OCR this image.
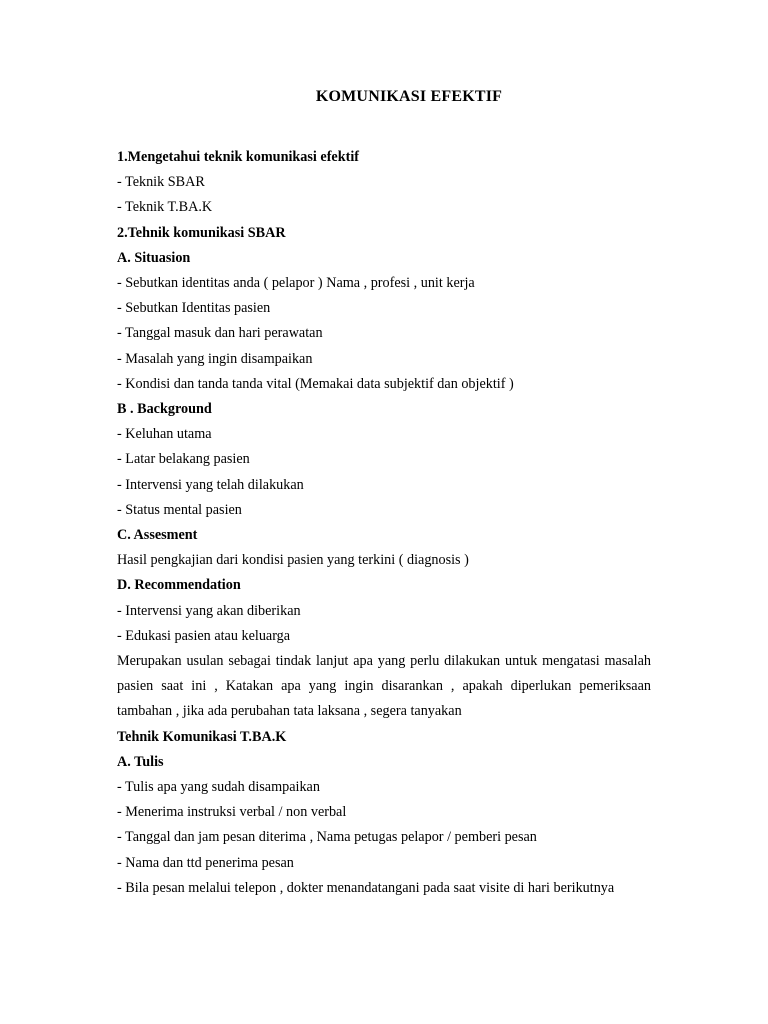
KOMUNIKASI EFEKTIF
1.Mengetahui teknik komunikasi efektif
- Teknik SBAR
- Teknik T.BA.K
2.Tehnik komunikasi SBAR
A. Situasion
- Sebutkan identitas anda ( pelapor ) Nama , profesi , unit kerja
- Sebutkan Identitas pasien
- Tanggal masuk dan hari perawatan
- Masalah yang ingin disampaikan
- Kondisi dan tanda tanda vital (Memakai data subjektif dan objektif )
B . Background
- Keluhan utama
- Latar belakang pasien
- Intervensi yang telah dilakukan
- Status mental pasien
C. Assesment
Hasil pengkajian dari kondisi pasien yang terkini ( diagnosis )
D. Recommendation
- Intervensi yang akan diberikan
- Edukasi pasien atau keluarga
Merupakan usulan sebagai tindak lanjut apa yang perlu dilakukan untuk mengatasi masalah pasien saat ini , Katakan apa yang ingin disarankan , apakah diperlukan pemeriksaan tambahan , jika ada perubahan tata laksana , segera tanyakan
Tehnik Komunikasi T.BA.K
A. Tulis
- Tulis apa yang sudah disampaikan
- Menerima instruksi verbal / non verbal
- Tanggal dan jam pesan diterima , Nama petugas pelapor / pemberi pesan
- Nama dan ttd penerima pesan
- Bila pesan melalui telepon , dokter menandatangani pada saat visite di hari berikutnya
